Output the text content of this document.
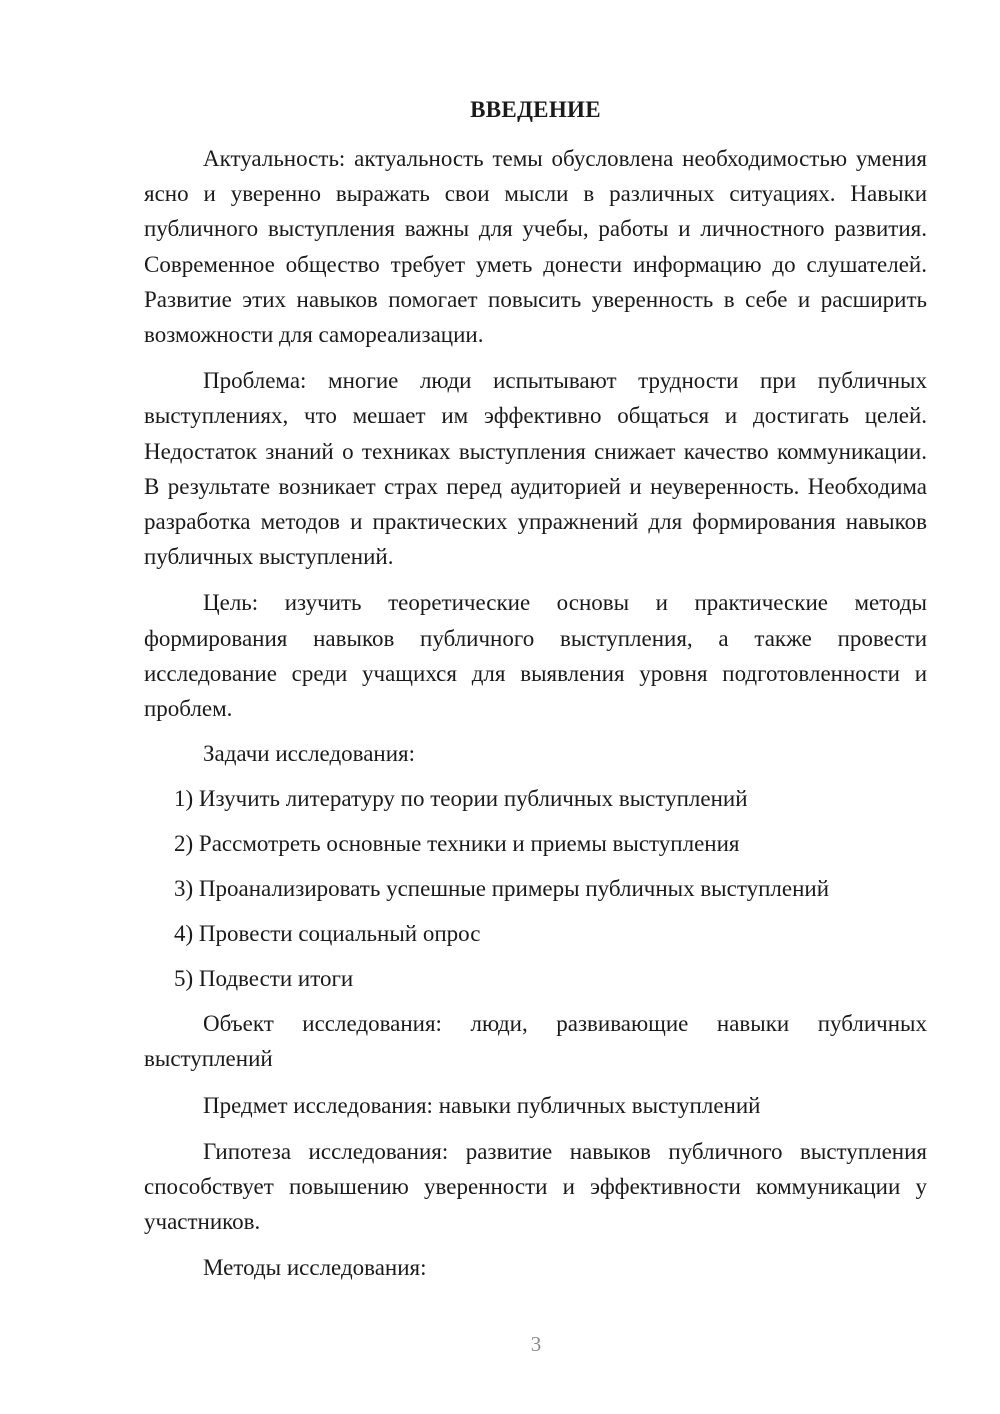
ВВЕДЕНИЕ

Актуальность: актуальность темы обусловлена необходимостью умения ясно и уверенно выражать свои мысли в различных ситуациях. Навыки публичного выступления важны для учебы, работы и личностного развития. Современное общество требует уметь донести информацию до слушателей. Развитие этих навыков помогает повысить уверенность в себе и расширить возможности для самореализации.

Проблема: многие люди испытывают трудности при публичных выступлениях, что мешает им эффективно общаться и достигать целей. Недостаток знаний о техниках выступления снижает качество коммуникации. В результате возникает страх перед аудиторией и неуверенность. Необходима разработка методов и практических упражнений для формирования навыков публичных выступлений.

Цель: изучить теоретические основы и практические методы формирования навыков публичного выступления, а также провести исследование среди учащихся для выявления уровня подготовленности и проблем.

Задачи исследования:

1) Изучить литературу по теории публичных выступлений
2) Рассмотреть основные техники и приемы выступления
3) Проанализировать успешные примеры публичных выступлений
4) Провести социальный опрос
5) Подвести итоги

Объект исследования: люди, развивающие навыки публичных выступлений

Предмет исследования: навыки публичных выступлений

Гипотеза исследования: развитие навыков публичного выступления способствует повышению уверенности и эффективности коммуникации у участников.

Методы исследования:

3
